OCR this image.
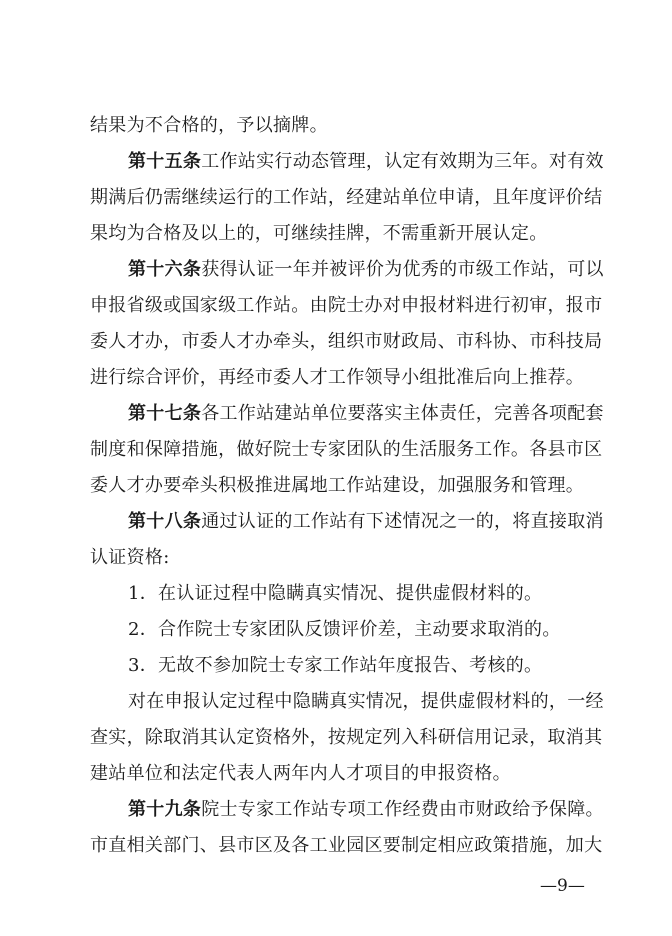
结果为不合格的，予以摘牌。
第十五条工作站实行动态管理，认定有效期为三年。对有效
期满后仍需继续运行的工作站，经建站单位申请，且年度评价结
果均为合格及以上的，可继续挂牌，不需重新开展认定。
第十六条获得认证一年并被评价为优秀的市级工作站，可以
申报省级或国家级工作站。由院士办对申报材料进行初审，报市
委人才办，市委人才办牵头，组织市财政局、市科协、市科技局
进行综合评价，再经市委人才工作领导小组批准后向上推荐。
第十七条各工作站建站单位要落实主体责任，完善各项配套
制度和保障措施，做好院士专家团队的生活服务工作。各县市区
委人才办要牵头积极推进属地工作站建设，加强服务和管理。
第十八条通过认证的工作站有下述情况之一的，将直接取消
认证资格:
1．在认证过程中隐瞒真实情况、提供虚假材料的。
2．合作院士专家团队反馈评价差，主动要求取消的。
3．无故不参加院士专家工作站年度报告、考核的。
对在申报认定过程中隐瞒真实情况，提供虚假材料的，一经
查实，除取消其认定资格外，按规定列入科研信用记录，取消其
建站单位和法定代表人两年内人才项目的申报资格。
第十九条院士专家工作站专项工作经费由市财政给予保障。
市直相关部门、县市区及各工业园区要制定相应政策措施，加大
—9—
